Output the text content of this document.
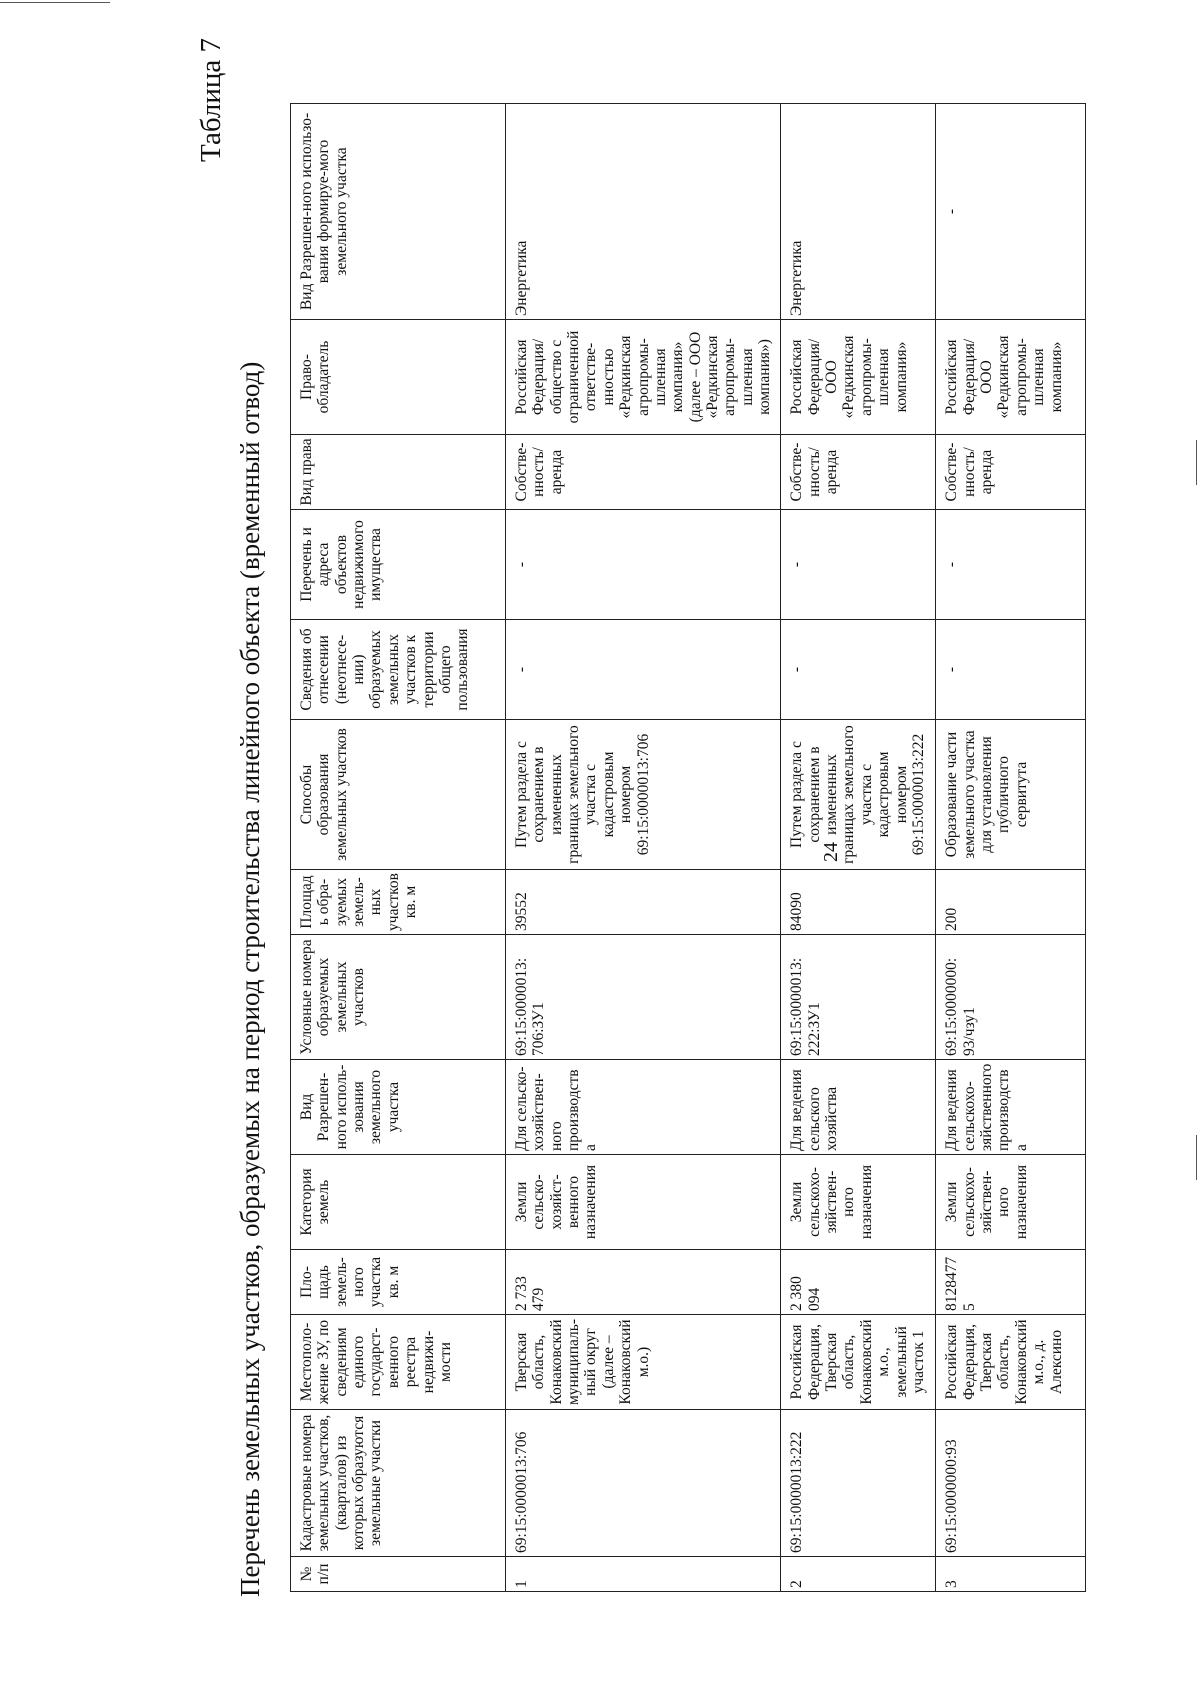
24
Таблица 7
Перечень земельных участков, образуемых на период строительства линейного объекта (временный отвод) № п/п	Кадастровые номера земельных участков, (кварталов) из которых образуются земельные участки	Местополо-жение ЗУ, по сведениям единого государст-венного реестра недвижи-мости	Пло-щадь земель-ного участка кв. м	Категория земель	Вид Разрешен-ного исполь-зования земельного участка	Условные номера образуемых земельных участков	Площадь обра-зуемых земель-ных участков кв. м	Способы образования земельных участков	Сведения об отнесении (неотнесе-нии) образуемых земельных участков к территории общего пользования	Перечень и адреса объектов недвижимого имущества	Вид права	Право-обладатель	Вид Разрешен-ного использо-вания формируе-мого земельного участка
1	69:15:0000013:706	Тверская область, Конаковский муниципаль-ный округ (далее – Конаковский м.о.)	2 733 479	Земли сельско-хозяйст-венного назначения	Для сельско-хозяйствен-ного производства	69:15:0000013: 706:ЗУ1	39552	Путем раздела с сохранением в измененных границах земельного участка с кадастровым номером 69:15:0000013:706	-	-	Собстве-нность/ аренда	Российская Федерация/ общество с ограниченной ответстве-нностью «Редкинская агропромы-шленная компания» (далее – ООО «Редкинская агропромы-шленная компания»)	Энергетика
2	69:15:0000013:222	Российская Федерация, Тверская область, Конаковский м.о., земельный участок 1	2 380 094	Земли сельскохо-зяйствен-ного назначения	Для ведения сельского хозяйства	69:15:0000013: 222:ЗУ1	84090	Путем раздела с сохранением в измененных границах земельного участка с кадастровым номером 69:15:0000013:222	-	-	Собстве-нность/ аренда	Российская Федерация/ ООО «Редкинская агропромы-шленная компания»	Энергетика
3	69:15:0000000:93	Российская Федерация, Тверская область, Конаковский м.о., д. Алексино	8128477 5	Земли сельскохо-зяйствен-ного назначения	Для ведения сельскохо-зяйственного производства	69:15:0000000: 93/чзу1	200	Образование части земельного участка для установления публичного сервитута	-	-	Собстве-нность/ аренда	Российская Федерация/ ООО «Редкинская агропромы-шленная компания»	-
